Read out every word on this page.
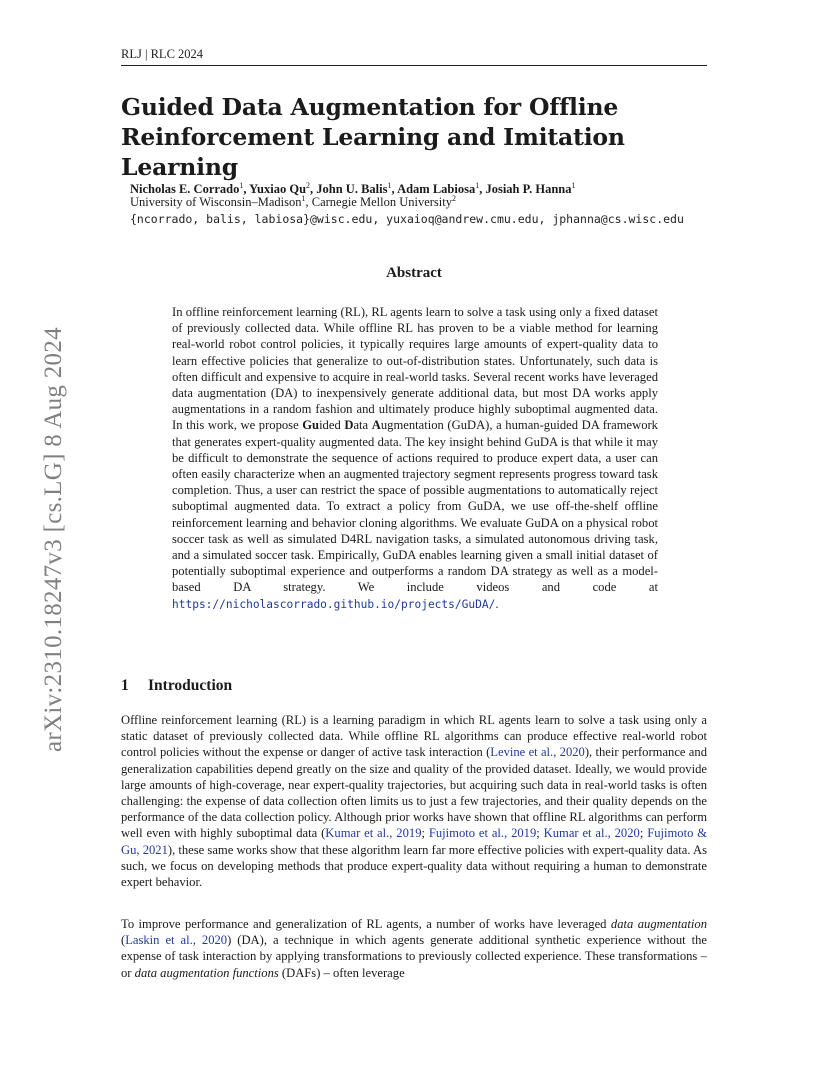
RLJ | RLC 2024
Guided Data Augmentation for Offline Reinforcement Learning and Imitation Learning
Nicholas E. Corrado$^1$, Yuxiao Qu$^2$, John U. Balis$^1$, Adam Labiosa$^1$, Josiah P. Hanna$^1$
University of Wisconsin–Madison$^1$, Carnegie Mellon University$^2$
{ncorrado, balis, labiosa}@wisc.edu, yuxaioq@andrew.cmu.edu, jphanna@cs.wisc.edu
Abstract
In offline reinforcement learning (RL), RL agents learn to solve a task using only a fixed dataset of previously collected data. While offline RL has proven to be a viable method for learning real-world robot control policies, it typically requires large amounts of expert-quality data to learn effective policies that generalize to out-of-distribution states. Unfortunately, such data is often difficult and expensive to acquire in real-world tasks. Several recent works have leveraged data augmentation (DA) to inexpensively generate additional data, but most DA works apply augmentations in a random fashion and ultimately produce highly suboptimal augmented data. In this work, we propose Guided Data Augmentation (GuDA), a human-guided DA framework that generates expert-quality augmented data. The key insight behind GuDA is that while it may be difficult to demonstrate the sequence of actions required to produce expert data, a user can often easily characterize when an augmented trajectory segment represents progress toward task completion. Thus, a user can restrict the space of possible augmentations to automatically reject suboptimal augmented data. To extract a policy from GuDA, we use off-the-shelf offline reinforcement learning and behavior cloning algorithms. We evaluate GuDA on a physical robot soccer task as well as simulated D4RL navigation tasks, a simulated autonomous driving task, and a simulated soccer task. Empirically, GuDA enables learning given a small initial dataset of potentially suboptimal experience and outperforms a random DA strategy as well as a model-based DA strategy. We include videos and code at https://nicholascorrado.github.io/projects/GuDA/.
1 Introduction
Offline reinforcement learning (RL) is a learning paradigm in which RL agents learn to solve a task using only a static dataset of previously collected data. While offline RL algorithms can produce effective real-world robot control policies without the expense or danger of active task interaction (Levine et al., 2020), their performance and generalization capabilities depend greatly on the size and quality of the provided dataset. Ideally, we would provide large amounts of high-coverage, near expert-quality trajectories, but acquiring such data in real-world tasks is often challenging: the expense of data collection often limits us to just a few trajectories, and their quality depends on the performance of the data collection policy. Although prior works have shown that offline RL algorithms can perform well even with highly suboptimal data (Kumar et al., 2019; Fujimoto et al., 2019; Kumar et al., 2020; Fujimoto & Gu, 2021), these same works show that these algorithm learn far more effective policies with expert-quality data. As such, we focus on developing methods that produce expert-quality data without requiring a human to demonstrate expert behavior.
To improve performance and generalization of RL agents, a number of works have leveraged data augmentation (Laskin et al., 2020) (DA), a technique in which agents generate additional synthetic experience without the expense of task interaction by applying transformations to previously collected experience. These transformations – or data augmentation functions (DAFs) – often leverage
arXiv:2310.18247v3 [cs.LG] 8 Aug 2024
